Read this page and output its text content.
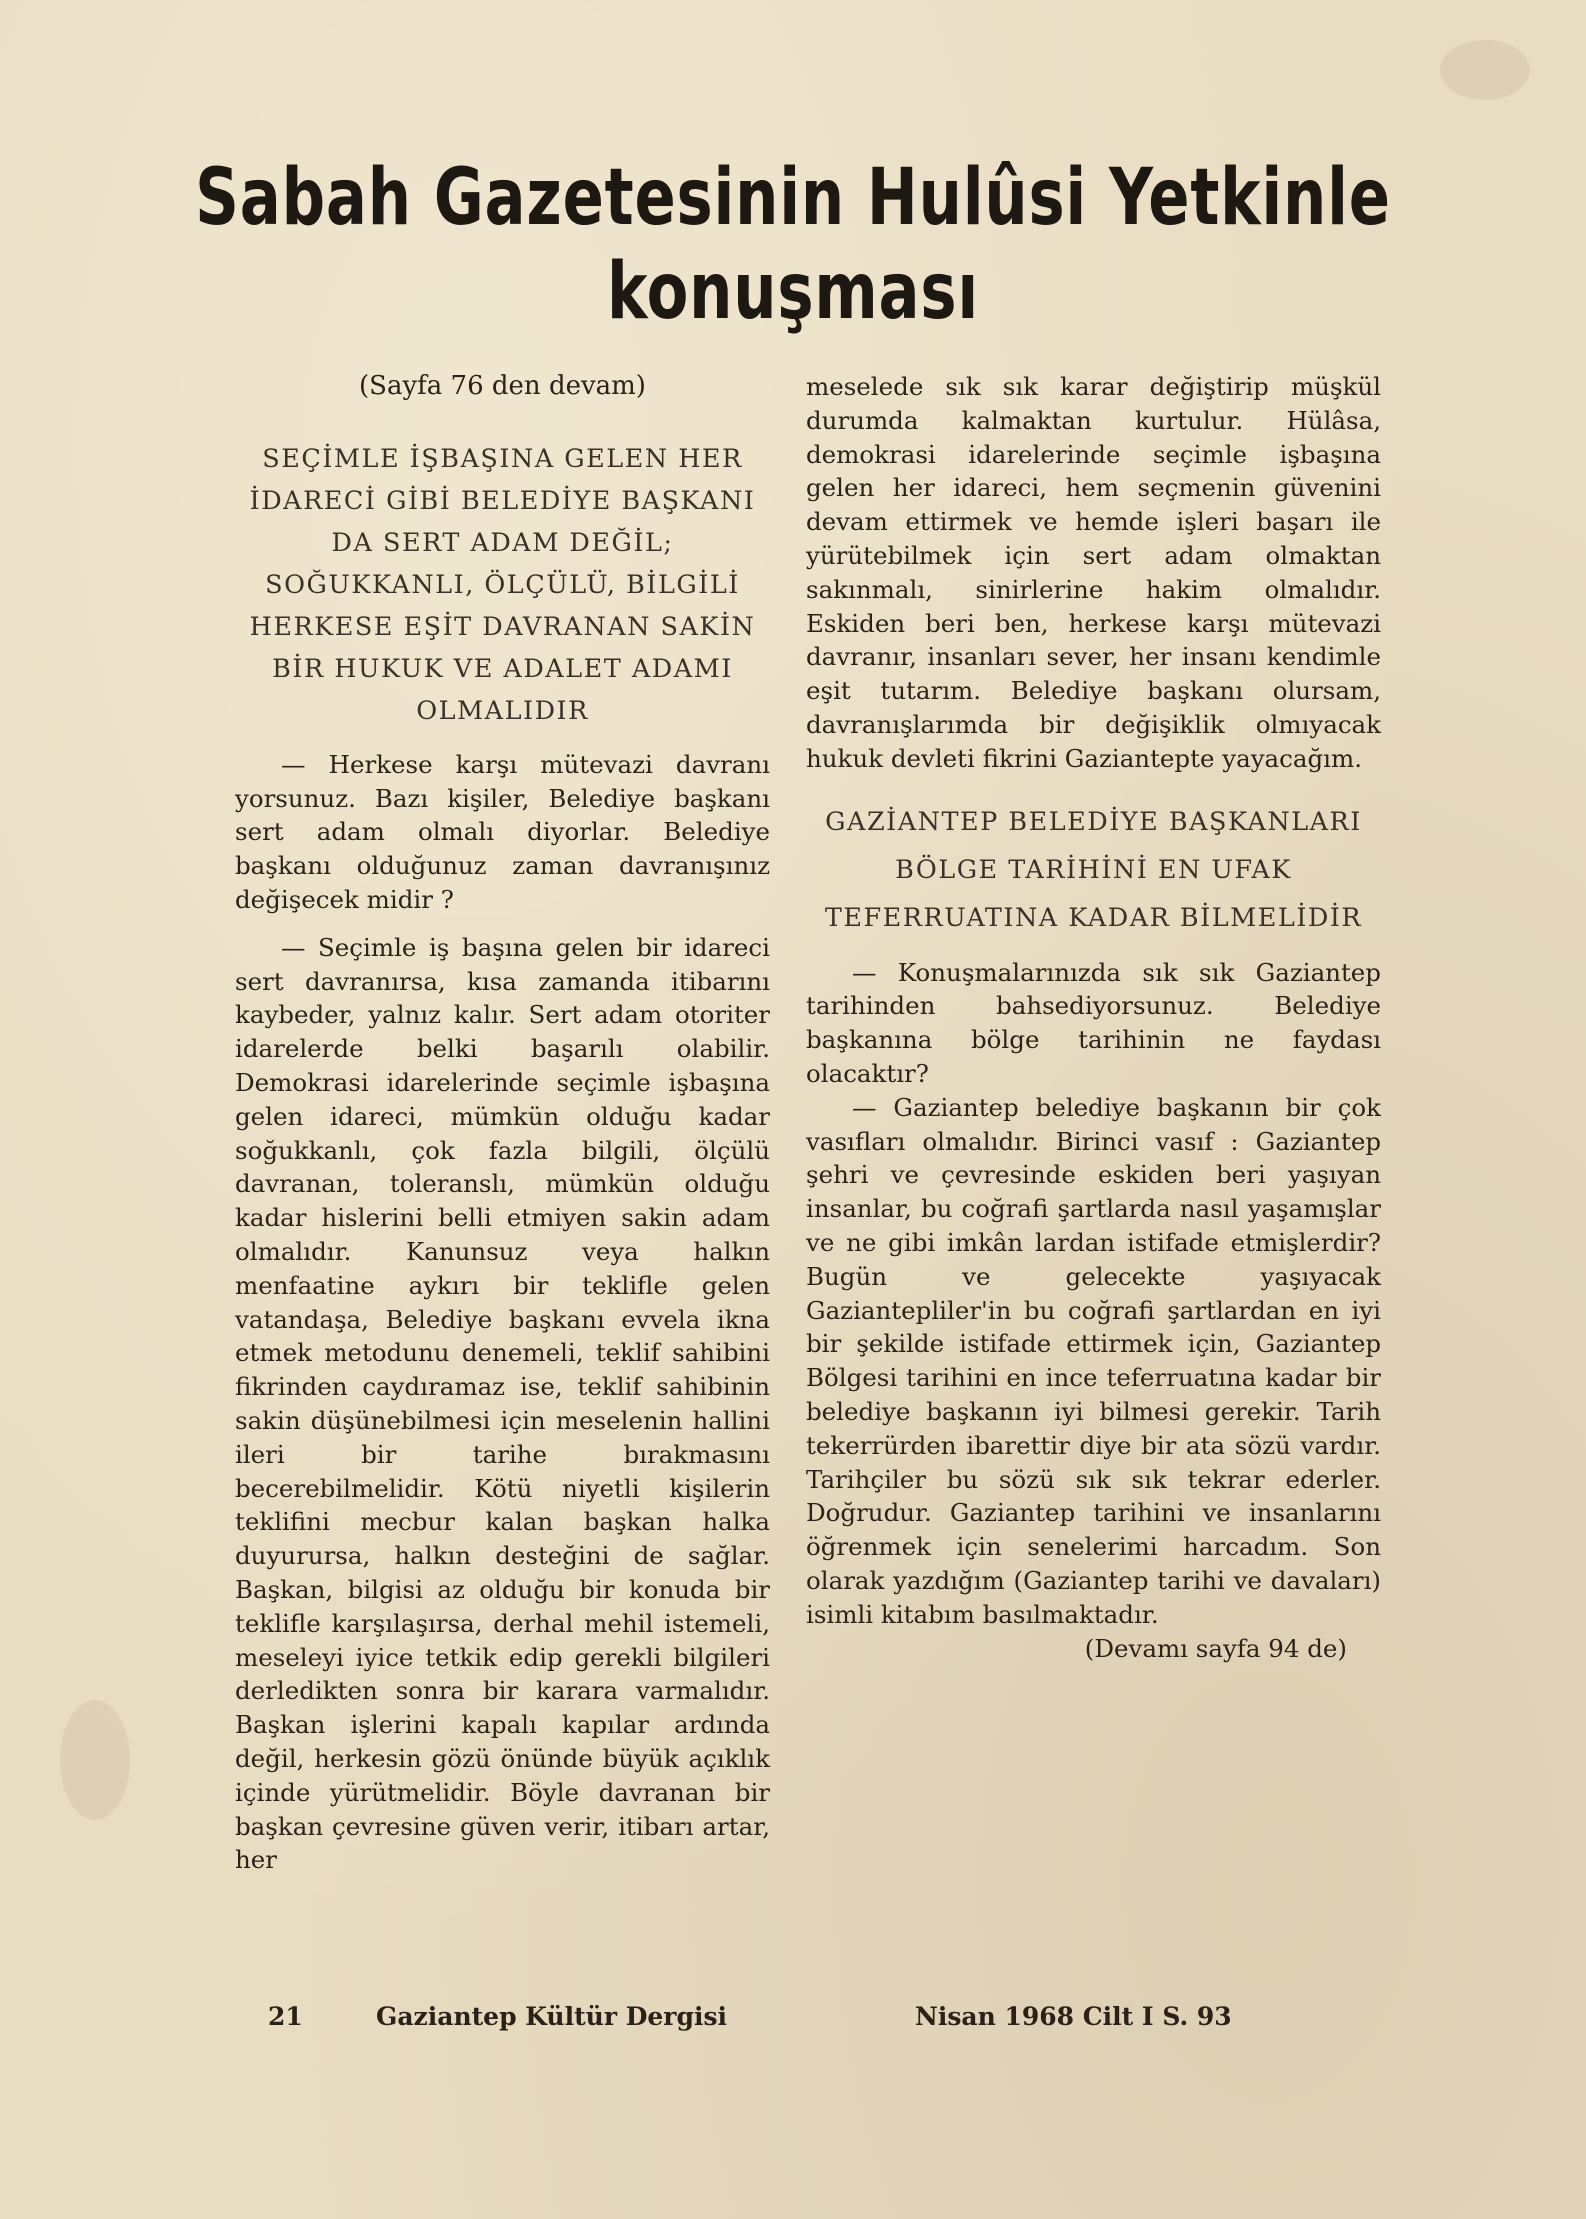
Sabah Gazetesinin Hulûsi Yetkinle
konuşması

(Sayfa 76 den devam)

SEÇİMLE İŞBAŞINA GELEN HER İDARECİ GİBİ BELEDİYE BAŞKANI DA SERT ADAM DEĞİL; SOĞUKKANLI, ÖLÇÜLÜ, BİLGİLİ HERKESE EŞİT DAVRANAN SAKİN BİR HUKUK VE ADALET ADAMI OLMALIDIR

— Herkese karşı mütevazi davranı yorsunuz. Bazı kişiler, Belediye başkanı sert adam olmalı diyorlar. Belediye başkanı olduğunuz zaman davranışınız değişecek midir ?

— Seçimle iş başına gelen bir idareci sert davranırsa, kısa zamanda itibarını kaybeder, yalnız kalır. Sert adam otoriter idarelerde belki başarılı olabilir. Demokrasi idarelerinde seçimle işbaşına gelen idareci, mümkün olduğu kadar soğukkanlı, çok fazla bilgili, ölçülü davranan, toleranslı, mümkün olduğu kadar hislerini belli etmiyen sakin adam olmalıdır. Kanunsuz veya halkın menfaatine aykırı bir teklifle gelen vatandaşa, Belediye başkanı evvela ikna etmek metodunu denemeli, teklif sahibini fikrinden caydıramaz ise, teklif sahibinin sakin düşünebilmesi için meselenin hallini ileri bir tarihe bırakmasını becerebilmelidir. Kötü niyetli kişilerin teklifini mecbur kalan başkan halka duyurursa, halkın desteğini de sağlar. Başkan, bilgisi az olduğu bir konuda bir teklifle karşılaşırsa, derhal mehil istemeli, meseleyi iyice tetkik edip gerekli bilgileri derledikten sonra bir karara varmalıdır. Başkan işlerini kapalı kapılar ardında değil, herkesin gözü önünde büyük açıklık içinde yürütmelidir. Böyle davranan bir başkan çevresine güven verir, itibarı artar, her

meselede sık sık karar değiştirip müşkül durumda kalmaktan kurtulur. Hülâsa, demokrasi idarelerinde seçimle işbaşına gelen her idareci, hem seçmenin güvenini devam ettirmek ve hemde işleri başarı ile yürütebilmek için sert adam olmaktan sakınmalı, sinirlerine hakim olmalıdır. Eskiden beri ben, herkese karşı mütevazi davranır, insanları sever, her insanı kendimle eşit tutarım. Belediye başkanı olursam, davranışlarımda bir değişiklik olmıyacak hukuk devleti fikrini Gaziantepte yayacağım.

GAZİANTEP BELEDİYE BAŞKANLARI BÖLGE TARİHİNİ EN UFAK TEFERRUATINA KADAR BİLMELİDİR

— Konuşmalarınızda sık sık Gaziantep tarihinden bahsediyorsunuz. Belediye başkanına bölge tarihinin ne faydası olacaktır?

— Gaziantep belediye başkanın bir çok vasıfları olmalıdır. Birinci vasıf : Gaziantep şehri ve çevresinde eskiden beri yaşıyan insanlar, bu coğrafi şartlarda nasıl yaşamışlar ve ne gibi imkân lardan istifade etmişlerdir? Bugün ve gelecekte yaşıyacak Gaziantepliler'in bu coğrafi şartlardan en iyi bir şekilde istifade ettirmek için, Gaziantep Bölgesi tarihini en ince teferruatına kadar bir belediye başkanın iyi bilmesi gerekir. Tarih tekerrürden ibarettir diye bir ata sözü vardır. Tarihçiler bu sözü sık sık tekrar ederler. Doğrudur. Gaziantep tarihini ve insanlarını öğrenmek için senelerimi harcadım. Son olarak yazdığım (Gaziantep tarihi ve davaları) isimli kitabım basılmaktadır.

(Devamı sayfa 94 de)

21	Gaziantep Kültür Dergisi	Nisan 1968 Cilt I S. 93
